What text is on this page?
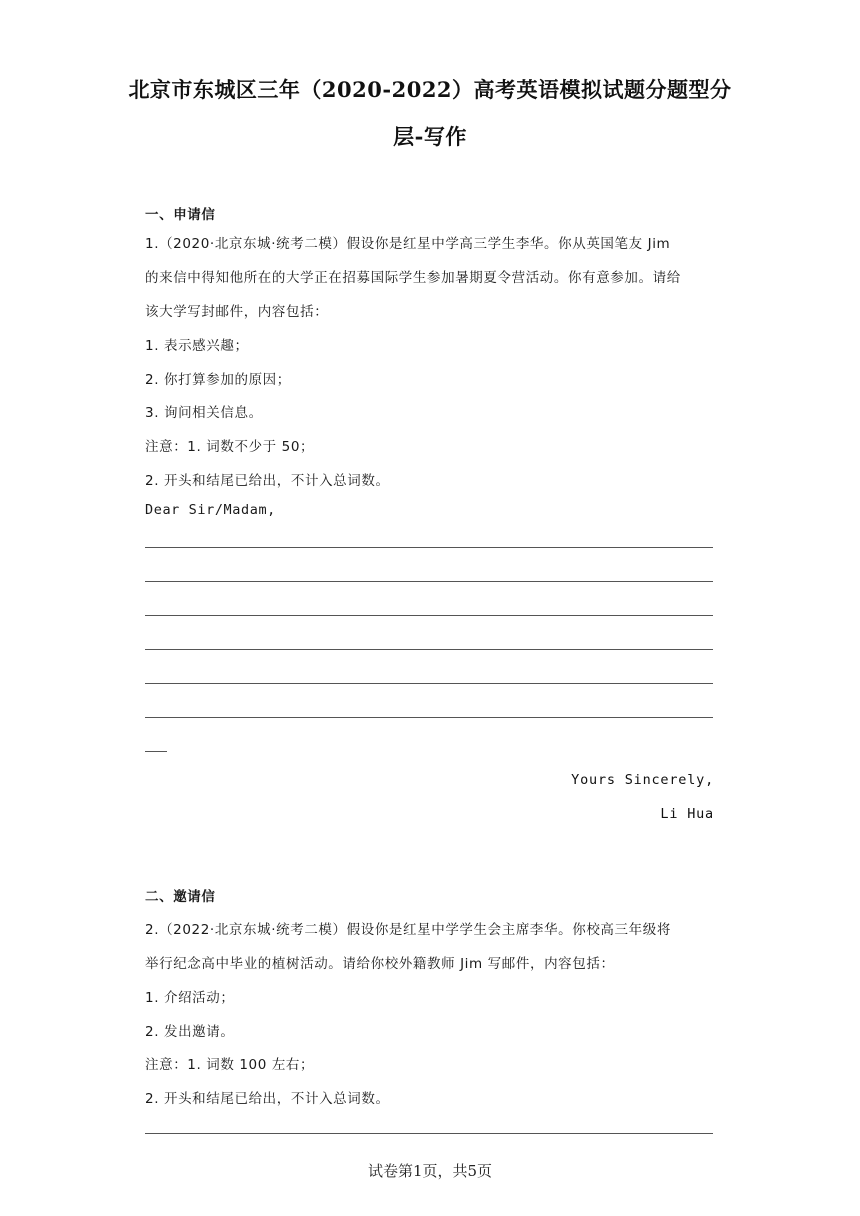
北京市东城区三年（2020-2022）高考英语模拟试题分题型分
层-写作
一、申请信
1.（2020·北京东城·统考二模）假设你是红星中学高三学生李华。你从英国笔友 Jim
的来信中得知他所在的大学正在招募国际学生参加暑期夏令营活动。你有意参加。请给
该大学写封邮件，内容包括：
1. 表示感兴趣；
2. 你打算参加的原因；
3. 询问相关信息。
注意：1. 词数不少于 50；
2. 开头和结尾已给出，不计入总词数。
Dear Sir/Madam,
Yours Sincerely,
Li Hua
二、邀请信
2.（2022·北京东城·统考二模）假设你是红星中学学生会主席李华。你校高三年级将
举行纪念高中毕业的植树活动。请给你校外籍教师 Jim 写邮件，内容包括：
1. 介绍活动；
2. 发出邀请。
注意：1. 词数 100 左右；
2. 开头和结尾已给出，不计入总词数。
试卷第1页，共5页
